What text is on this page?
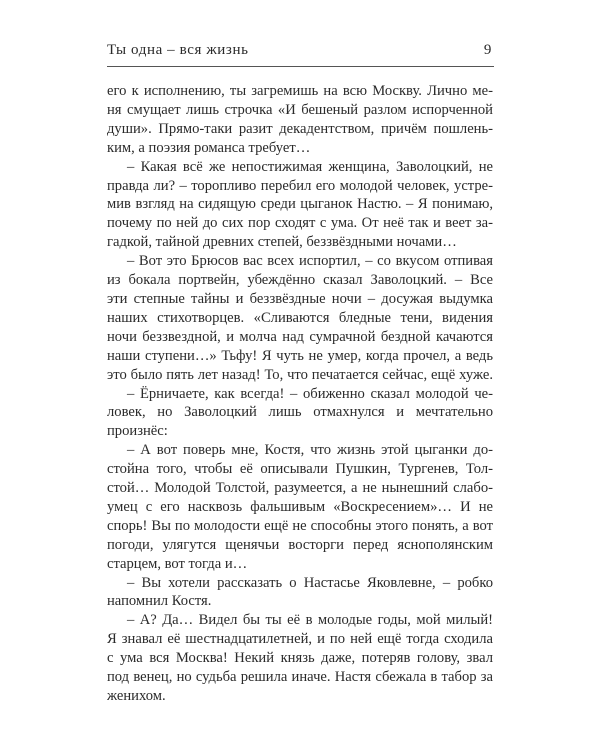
Ты одна – вся жизнь	9
его к исполнению, ты загремишь на всю Москву. Лично ме-
ня смущает лишь строчка «И бешеный разлом испорченной
души». Прямо-таки разит декадентством, причём пошлень-
ким, а поэзия романса требует…
– Какая всё же непостижимая женщина, Заволоцкий, не
правда ли? – торопливо перебил его молодой человек, устре-
мив взгляд на сидящую среди цыганок Настю. – Я понимаю,
почему по ней до сих пор сходят с ума. От неё так и веет за-
гадкой, тайной древних степей, беззвёздными ночами…
– Вот это Брюсов вас всех испортил, – со вкусом отпивая
из бокала портвейн, убеждённо сказал Заволоцкий. – Все
эти степные тайны и беззвёздные ночи – досужая выдумка
наших стихотворцев. «Сливаются бледные тени, видения
ночи беззвездной, и молча над сумрачной бездной качаются
наши ступени…» Тьфу! Я чуть не умер, когда прочел, а ведь
это было пять лет назад! То, что печатается сейчас, ещё хуже.
– Ёрничаете, как всегда! – обиженно сказал молодой че-
ловек, но Заволоцкий лишь отмахнулся и мечтательно
произнёс:
– А вот поверь мне, Костя, что жизнь этой цыганки до-
стойна того, чтобы её описывали Пушкин, Тургенев, Тол-
стой… Молодой Толстой, разумеется, а не нынешний слабо-
умец с его насквозь фальшивым «Воскресением»… И не
спорь! Вы по молодости ещё не способны этого понять, а вот
погоди, улягутся щенячьи восторги перед яснополянским
старцем, вот тогда и…
– Вы хотели рассказать о Настасье Яковлевне, – робко
напомнил Костя.
– А? Да… Видел бы ты её в молодые годы, мой милый!
Я знавал её шестнадцатилетней, и по ней ещё тогда сходила
с ума вся Москва! Некий князь даже, потеряв голову, звал
под венец, но судьба решила иначе. Настя сбежала в табор за
женихом.
